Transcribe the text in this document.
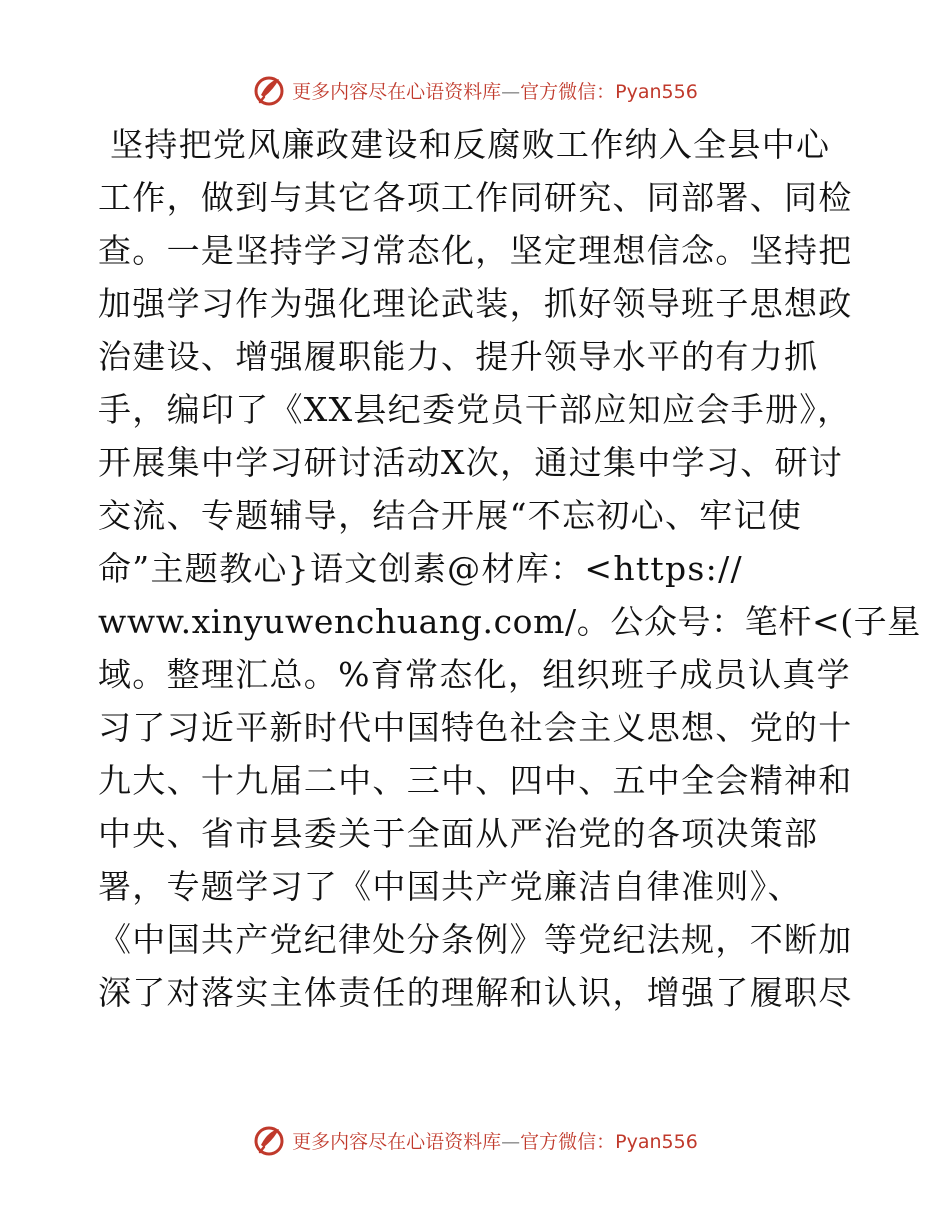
更多内容尽在心语资料库—官方微信：Pyan556
坚持把党风廉政建设和反腐败工作纳入全县中心
工作，做到与其它各项工作同研究、同部署、同检
查。一是坚持学习常态化，坚定理想信念。坚持把
加强学习作为强化理论武装，抓好领导班子思想政
治建设、增强履职能力、提升领导水平的有力抓
手，编印了《XX县纪委党员干部应知应会手册》，
开展集中学习研讨活动X次，通过集中学习、研讨
交流、专题辅导，结合开展“不忘初心、牢记使
命”主题教心}语文创素@材库：<https://
www.xinyuwenchuang.com/。公众号：笔杆<(子星
域。整理汇总。%育常态化，组织班子成员认真学
习了习近平新时代中国特色社会主义思想、党的十
九大、十九届二中、三中、四中、五中全会精神和
中央、省市县委关于全面从严治党的各项决策部
署，专题学习了《中国共产党廉洁自律准则》、
《中国共产党纪律处分条例》等党纪法规，不断加
深了对落实主体责任的理解和认识，增强了履职尽
更多内容尽在心语资料库—官方微信：Pyan556
